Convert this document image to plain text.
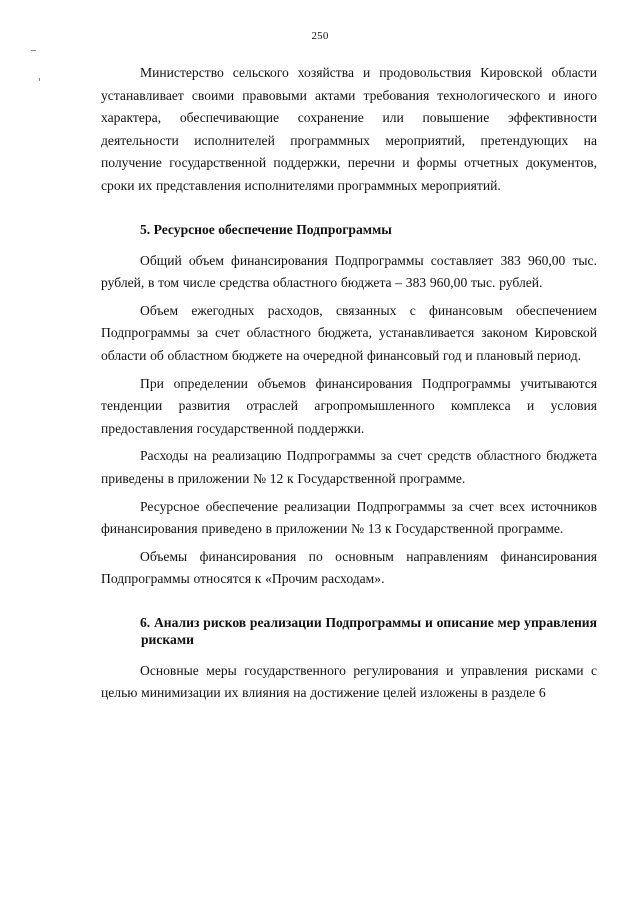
250

Министерство сельского хозяйства и продовольствия Кировской области устанавливает своими правовыми актами требования технологического и иного характера, обеспечивающие сохранение или повышение эффективности деятельности исполнителей программных мероприятий, претендующих на получение государственной поддержки, перечни и формы отчетных документов, сроки их представления исполнителями программных мероприятий.

5. Ресурсное обеспечение Подпрограммы

Общий объем финансирования Подпрограммы составляет 383 960,00 тыс. рублей, в том числе средства областного бюджета – 383 960,00 тыс. рублей.

Объем ежегодных расходов, связанных с финансовым обеспечением Подпрограммы за счет областного бюджета, устанавливается законом Кировской области об областном бюджете на очередной финансовый год и плановый период.

При определении объемов финансирования Подпрограммы учитываются тенденции развития отраслей агропромышленного комплекса и условия предоставления государственной поддержки.

Расходы на реализацию Подпрограммы за счет средств областного бюджета приведены в приложении № 12 к Государственной программе.

Ресурсное обеспечение реализации Подпрограммы за счет всех источников финансирования приведено в приложении № 13 к Государственной программе.

Объемы финансирования по основным направлениям финансирования Подпрограммы относятся к «Прочим расходам».

6. Анализ рисков реализации Подпрограммы и описание мер управления рисками

Основные меры государственного регулирования и управления рисками с целью минимизации их влияния на достижение целей изложены в разделе 6
